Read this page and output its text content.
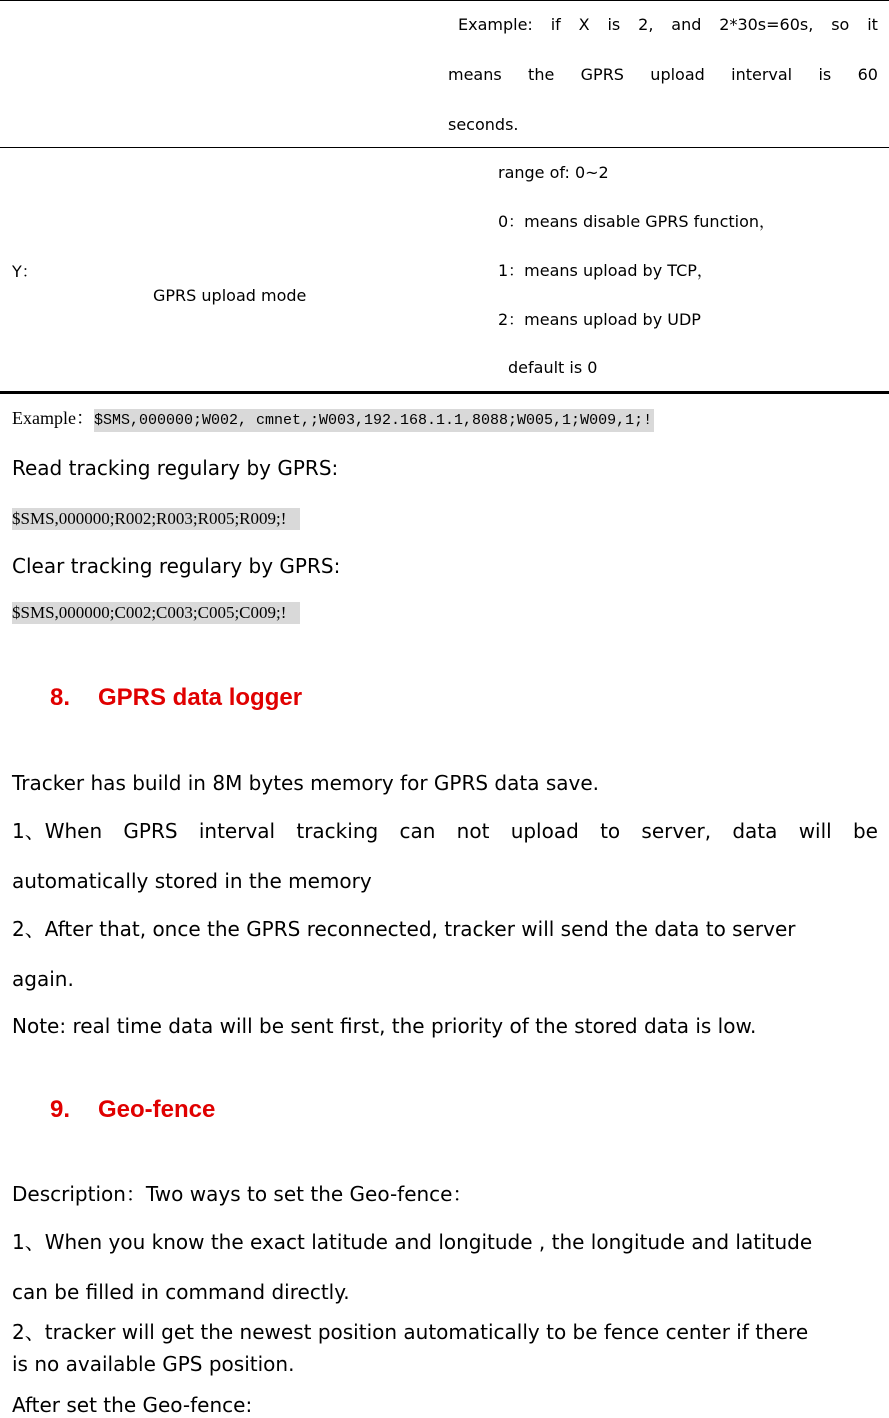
Example: if X is 2, and 2*30s=60s, so it
means the GPRS upload interval is 60
seconds.
Y：
GPRS upload mode
range of: 0~2
0：means disable GPRS function，
1：means upload by TCP，
2：means upload by UDP
default is 0
Example：$SMS,000000;W002, cmnet,;W003,192.168.1.1,8088;W005,1;W009,1;!
Read tracking regulary by GPRS:
$SMS,000000;R002;R003;R005;R009;!
Clear tracking regulary by GPRS:
$SMS,000000;C002;C003;C005;C009;!
8. GPRS data logger
Tracker has build in 8M bytes memory for GPRS data save.
1、When GPRS interval tracking can not upload to server, data will be
automatically stored in the memory
2、After that, once the GPRS reconnected, tracker will send the data to server
again.
Note: real time data will be sent first, the priority of the stored data is low.
9. Geo-fence
Description：Two ways to set the Geo-fence：
1、When you know the exact latitude and longitude , the longitude and latitude
can be filled in command directly.
2、tracker will get the newest position automatically to be fence center if there
is no available GPS position.
After set the Geo-fence:
